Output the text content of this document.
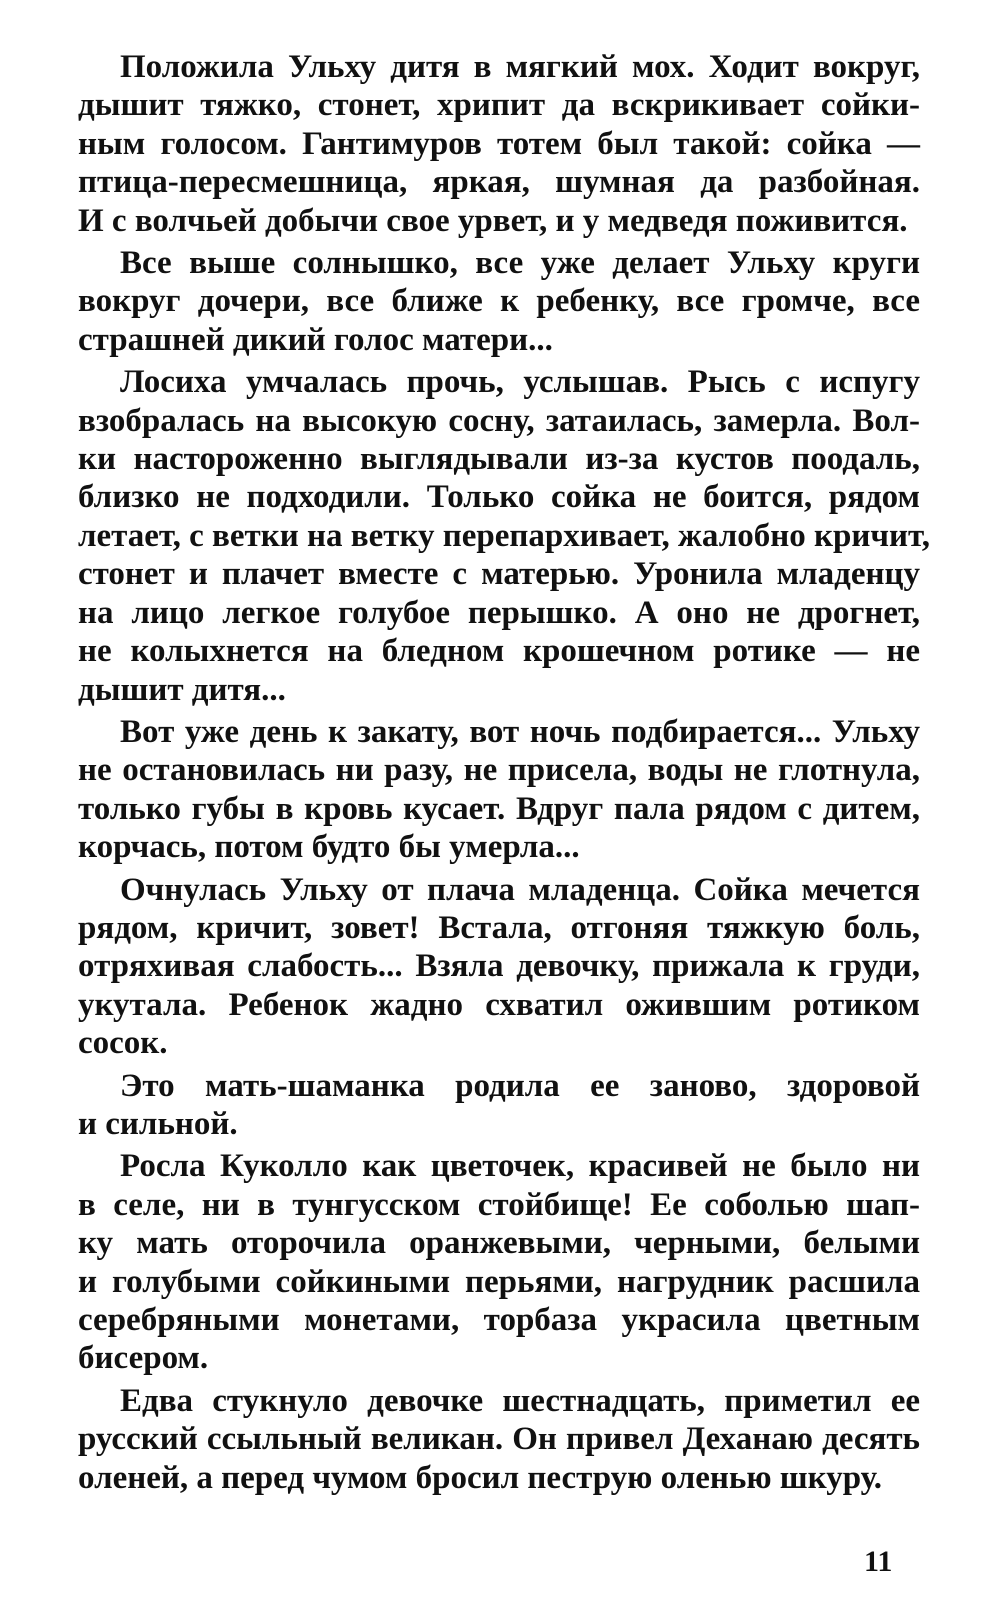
Положила Ульху дитя в мягкий мох. Ходит вокруг,
дышит тяжко, стонет, хрипит да вскрикивает сойки-
ным голосом. Гантимуров тотем был такой: сойка —
птица-пересмешница, яркая, шумная да разбойная.
И с волчьей добычи свое урвет, и у медведя поживится.
Все выше солнышко, все уже делает Ульху круги
вокруг дочери, все ближе к ребенку, все громче, все
страшней дикий голос матери...
Лосиха умчалась прочь, услышав. Рысь с испугу
взобралась на высокую сосну, затаилась, замерла. Вол-
ки настороженно выглядывали из-за кустов поодаль,
близко не подходили. Только сойка не боится, рядом
летает, с ветки на ветку перепархивает, жалобно кричит,
стонет и плачет вместе с матерью. Уронила младенцу
на лицо легкое голубое перышко. А оно не дрогнет,
не колыхнется на бледном крошечном ротике — не
дышит дитя...
Вот уже день к закату, вот ночь подбирается... Ульху
не остановилась ни разу, не присела, воды не глотнула,
только губы в кровь кусает. Вдруг пала рядом с дитем,
корчась, потом будто бы умерла...
Очнулась Ульху от плача младенца. Сойка мечется
рядом, кричит, зовет! Встала, отгоняя тяжкую боль,
отряхивая слабость... Взяла девочку, прижала к груди,
укутала. Ребенок жадно схватил ожившим ротиком
сосок.
Это мать-шаманка родила ее заново, здоровой
и сильной.
Росла Куколло как цветочек, красивей не было ни
в селе, ни в тунгусском стойбище! Ее соболью шап-
ку мать оторочила оранжевыми, черными, белыми
и голубыми сойкиными перьями, нагрудник расшила
серебряными монетами, торбаза украсила цветным
бисером.
Едва стукнуло девочке шестнадцать, приметил ее
русский ссыльный великан. Он привел Деханаю десять
оленей, а перед чумом бросил пеструю оленью шкуру.
11
